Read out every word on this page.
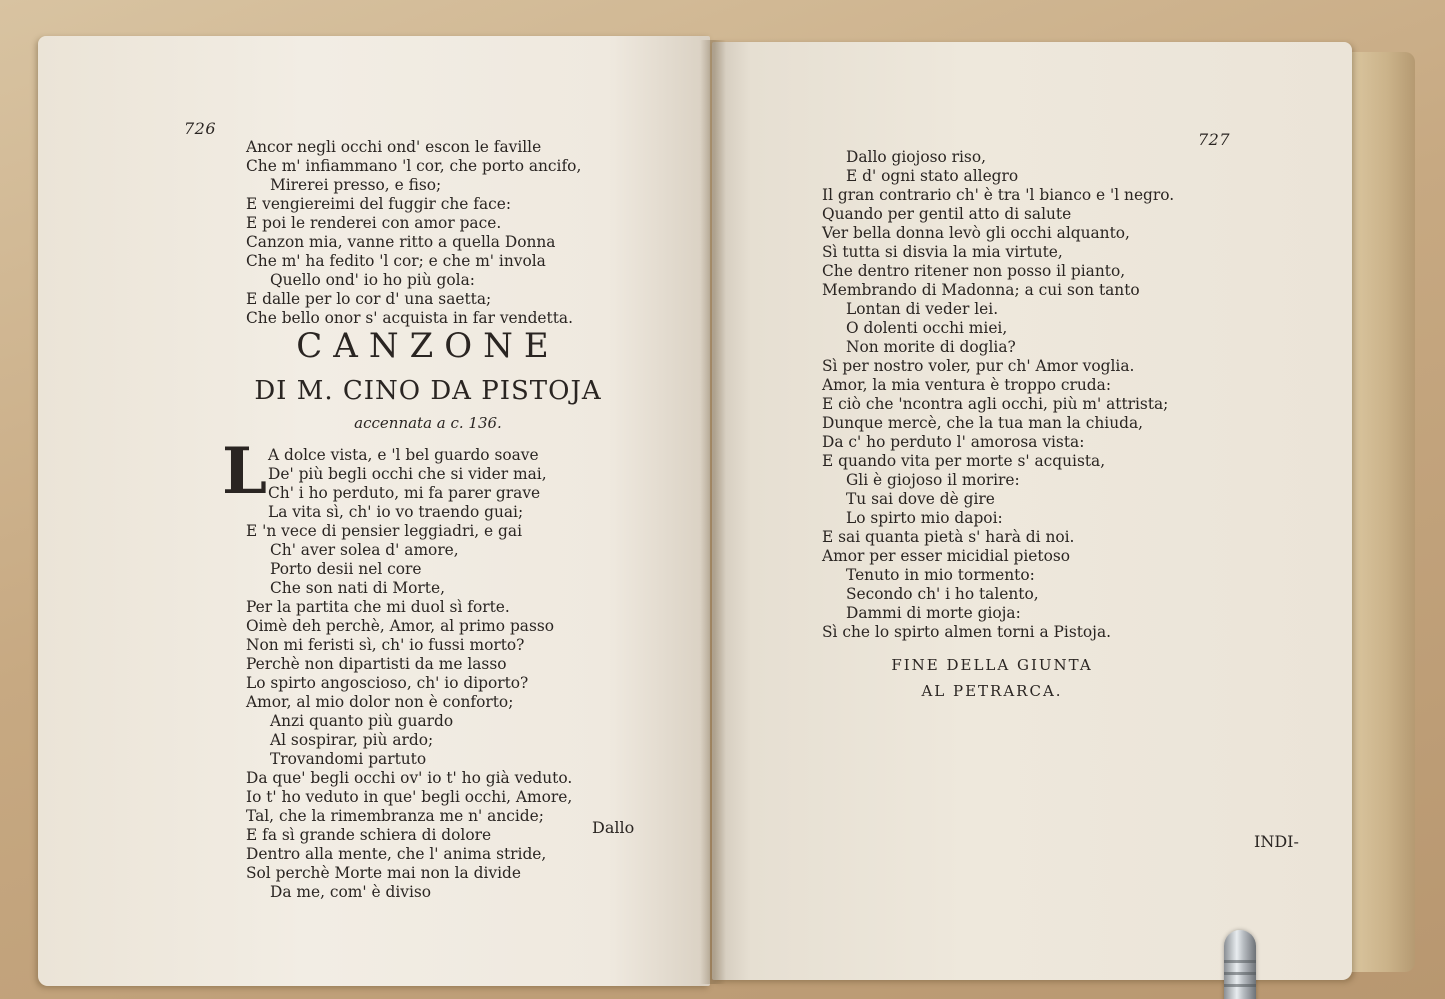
726
Ancor negli occhi ond' escon le faville
Che m' infiammano 'l cor, che porto ancifo,
Mirerei presso, e fiso;
E vengiereimi del fuggir che face:
E poi le renderei con amor pace.
Canzon mia, vanne ritto a quella Donna
Che m' ha fedito 'l cor; e che m' invola
Quello ond' io ho più gola:
E dalle per lo cor d' una saetta;
Che bello onor s' acquista in far vendetta.
CANZONE
DI M. CINO DA PISTOJA
accennata a c. 136.
L A dolce vista, e 'l bel guardo soave
De' più begli occhi che si vider mai,
Ch' i ho perduto, mi fa parer grave
La vita sì, ch' io vo traendo guai;
E 'n vece di pensier leggiadri, e gai
Ch' aver solea d' amore,
Porto desii nel core
Che son nati di Morte,
Per la partita che mi duol sì forte.
Oimè deh perchè, Amor, al primo passo
Non mi feristi sì, ch' io fussi morto?
Perchè non dipartisti da me lasso
Lo spirto angosciosо, ch' io diporto?
Amor, al mio dolor non è conforto;
Anzi quanto più guardo
Al sospirar, più ardo;
Trovandomi partuto
Da que' begli occhi ov' io t' ho già veduto.
Io t' ho veduto in que' begli occhi, Amore,
Tal, che la rimembranza me n' ancide;
E fa sì grande schiera di dolore
Dentro alla mente, che l' anima stride,
Sol perchè Morte mai non la divide
Da me, com' è diviso
Dallo
727
Dallo giojoso riso,
E d' ogni stato allegro
Il gran contrario ch' è tra 'l bianco e 'l negro.
Quando per gentil atto di salute
Ver bella donna levò gli occhi alquanto,
Sì tutta si disvia la mia virtute,
Che dentro ritener non posso il pianto,
Membrando di Madonna; a cui son tanto
Lontan di veder lei.
O dolenti occhi miei,
Non morite di doglia?
Sì per nostro voler, pur ch' Amor voglia.
Amor, la mia ventura è troppo cruda:
E ciò che 'ncontra agli occhi, più m' attrista;
Dunque mercè, che la tua man la chiuda,
Da c' ho perduto l' amorosa vista:
E quando vita per morte s' acquista,
Gli è giojoso il morire:
Tu sai dove dè gire
Lo spirto mio dapoi:
E sai quanta pietà s' harà di noi.
Amor per esser micidial pietoso
Tenuto in mio tormento:
Secondo ch' i ho talento,
Dammi di morte gioja:
Sì che lo spirto almen torni a Pistoja.
FINE DELLA GIUNTA
AL PETRARCA.
INDI-
